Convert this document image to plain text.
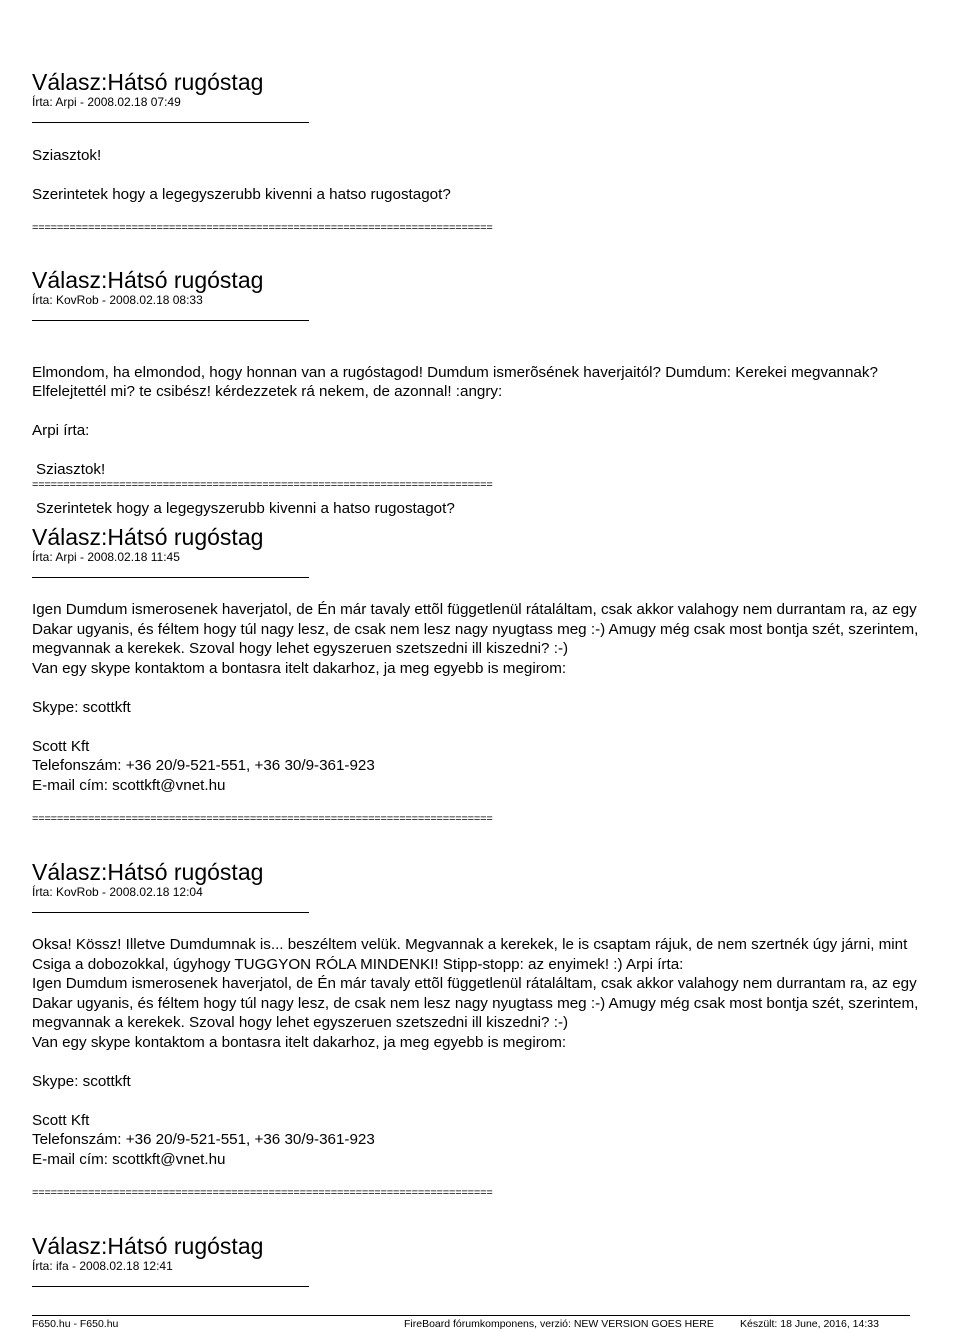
Válasz:Hátsó rugóstag
Írta: Arpi - 2008.02.18 07:49
Sziasztok!

Szerintetek hogy a legegyszerubb kivenni a hatso rugostagot?
==========================================================================
Válasz:Hátsó rugóstag
Írta: KovRob - 2008.02.18 08:33

Elmondom, ha elmondod, hogy honnan van a rugóstagod! Dumdum ismerõsének haverjaitól? Dumdum: Kerekei megvannak? Elfelejtettél mi? te csibész! kérdezzetek rá nekem, de azonnal! :angry:

Arpi írta:

Sziasztok!

Szerintetek hogy a legegyszerubb kivenni a hatso rugostagot?

==========================================================================
Válasz:Hátsó rugóstag
Írta: Arpi - 2008.02.18 11:45
Igen Dumdum ismerosenek haverjatol, de Én már tavaly ettõl függetlenül rátaláltam, csak akkor valahogy nem durrantam ra, az egy Dakar ugyanis, és féltem hogy túl nagy lesz, de csak nem lesz nagy nyugtass meg :-) Amugy még csak most bontja szét, szerintem, megvannak a kerekek. Szoval hogy lehet egyszeruen szetszedni ill kiszedni? :-)
Van egy skype kontaktom a bontasra itelt dakarhoz, ja meg egyebb is megirom:

Skype: scottkft

Scott Kft
Telefonszám: +36 20/9-521-551, +36 30/9-361-923
E-mail cím: scottkft@vnet.hu
==========================================================================
Válasz:Hátsó rugóstag
Írta: KovRob - 2008.02.18 12:04
Oksa! Kössz! Illetve Dumdumnak is... beszéltem velük. Megvannak a kerekek, le is csaptam rájuk, de nem szertnék úgy járni, mint Csiga a dobozokkal, úgyhogy TUGGYON RÓLA MINDENKI! Stipp-stopp: az enyimek! :) Arpi írta:
Igen Dumdum ismerosenek haverjatol, de Én már tavaly ettõl függetlenül rátaláltam, csak akkor valahogy nem durrantam ra, az egy Dakar ugyanis, és féltem hogy túl nagy lesz, de csak nem lesz nagy nyugtass meg :-) Amugy még csak most bontja szét, szerintem, megvannak a kerekek. Szoval hogy lehet egyszeruen szetszedni ill kiszedni? :-)
Van egy skype kontaktom a bontasra itelt dakarhoz, ja meg egyebb is megirom:

Skype: scottkft

Scott Kft
Telefonszám: +36 20/9-521-551, +36 30/9-361-923
E-mail cím: scottkft@vnet.hu
==========================================================================
Válasz:Hátsó rugóstag
Írta: ifa - 2008.02.18 12:41
F650.hu - F650.hu	FireBoard fórumkomponens, verzió: NEW VERSION GOES HERE Készült: 18 June, 2016, 14:33
